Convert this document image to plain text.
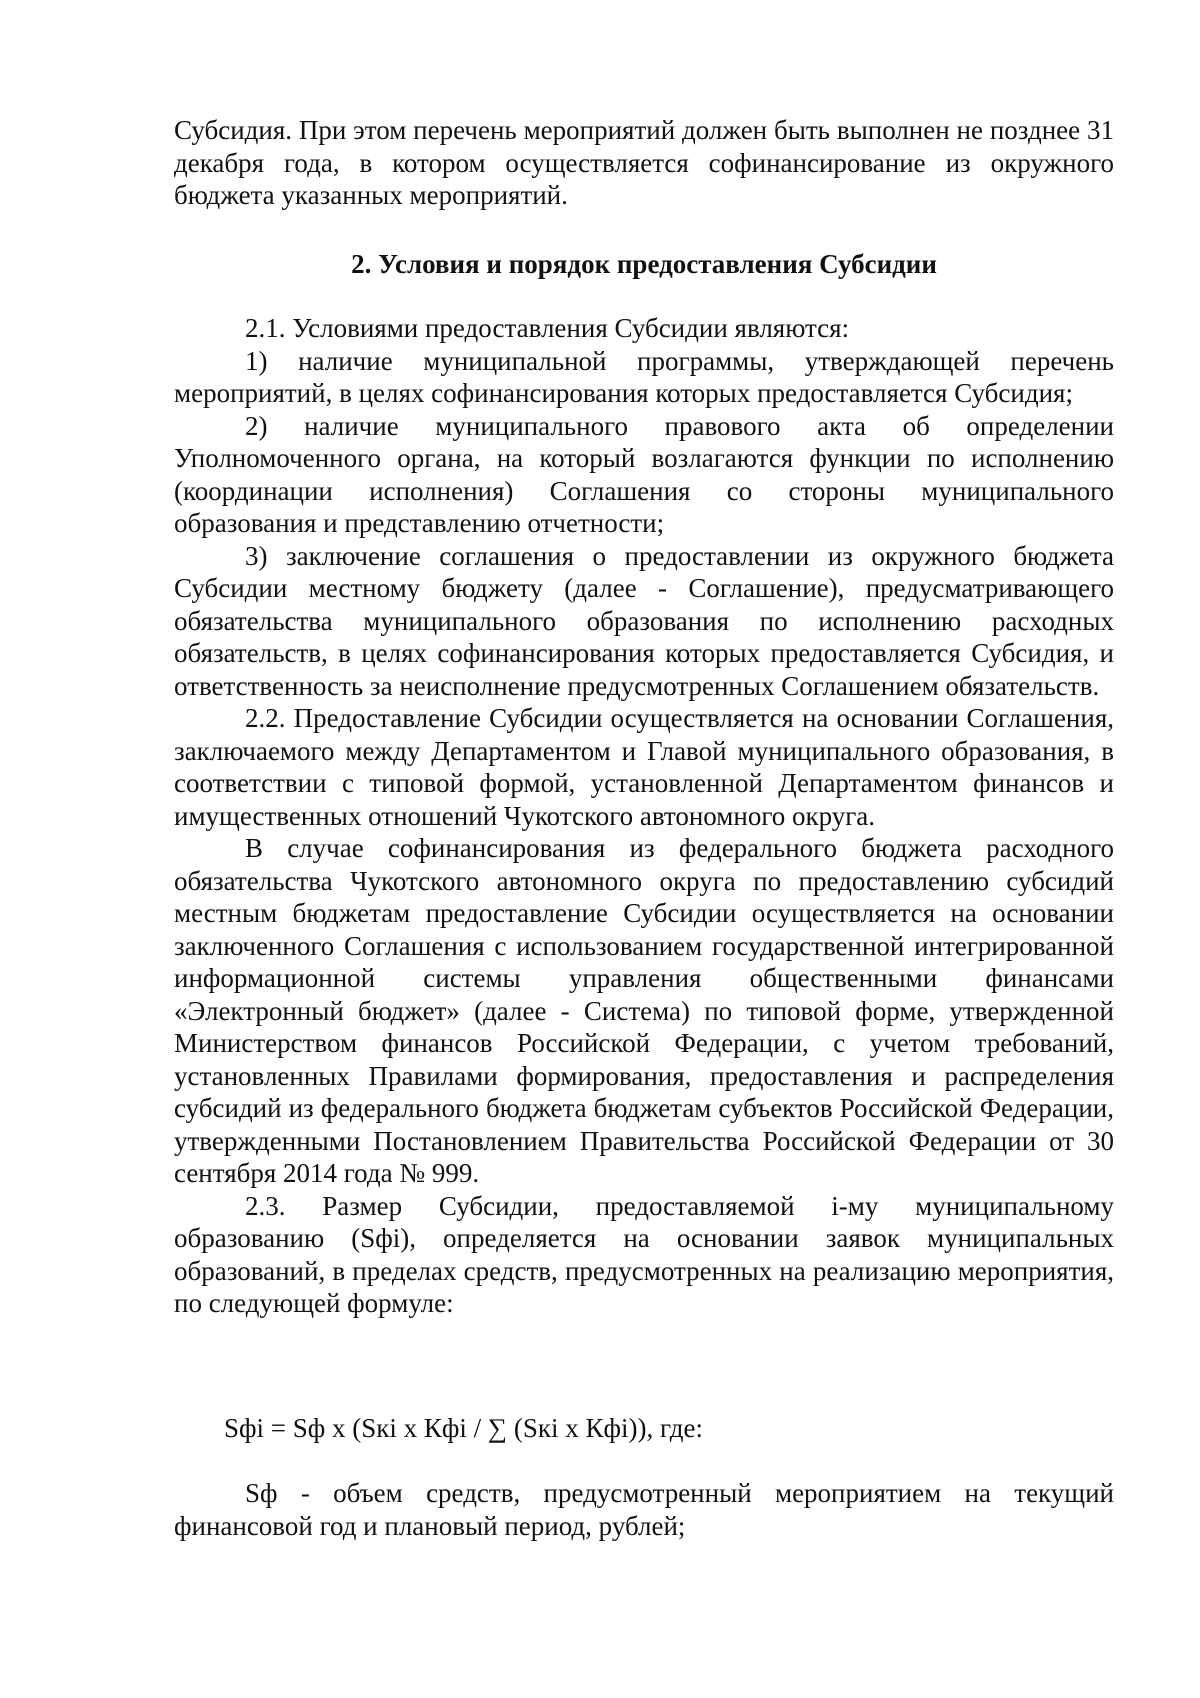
Субсидия. При этом перечень мероприятий должен быть выполнен не позднее 31 декабря года, в котором осуществляется софинансирование из окружного бюджета указанных мероприятий.

2. Условия и порядок предоставления Субсидии

2.1. Условиями предоставления Субсидии являются:

1) наличие муниципальной программы, утверждающей перечень мероприятий, в целях софинансирования которых предоставляется Субсидия;

2) наличие муниципального правового акта об определении Уполномоченного органа, на который возлагаются функции по исполнению (координации исполнения) Соглашения со стороны муниципального образования и представлению отчетности;

3) заключение соглашения о предоставлении из окружного бюджета Субсидии местному бюджету (далее - Соглашение), предусматривающего обязательства муниципального образования по исполнению расходных обязательств, в целях софинансирования которых предоставляется Субсидия, и ответственность за неисполнение предусмотренных Соглашением обязательств.

2.2. Предоставление Субсидии осуществляется на основании Соглашения, заключаемого между Департаментом и Главой муниципального образования, в соответствии с типовой формой, установленной Департаментом финансов и имущественных отношений Чукотского автономного округа.

В случае софинансирования из федерального бюджета расходного обязательства Чукотского автономного округа по предоставлению субсидий местным бюджетам предоставление Субсидии осуществляется на основании заключенного Соглашения с использованием государственной интегрированной информационной системы управления общественными финансами «Электронный бюджет» (далее - Система) по типовой форме, утвержденной Министерством финансов Российской Федерации, с учетом требований, установленных Правилами формирования, предоставления и распределения субсидий из федерального бюджета бюджетам субъектов Российской Федерации, утвержденными Постановлением Правительства Российской Федерации от 30 сентября 2014 года № 999.

2.3. Размер Субсидии, предоставляемой i-му муниципальному образованию (Sфi), определяется на основании заявок муниципальных образований, в пределах средств, предусмотренных на реализацию мероприятия, по следующей формуле:

Sфi = Sф x (Sкi x Кфi / ∑ (Sкi x Кфi)), где:

Sф - объем средств, предусмотренный мероприятием на текущий финансовой год и плановый период, рублей;
